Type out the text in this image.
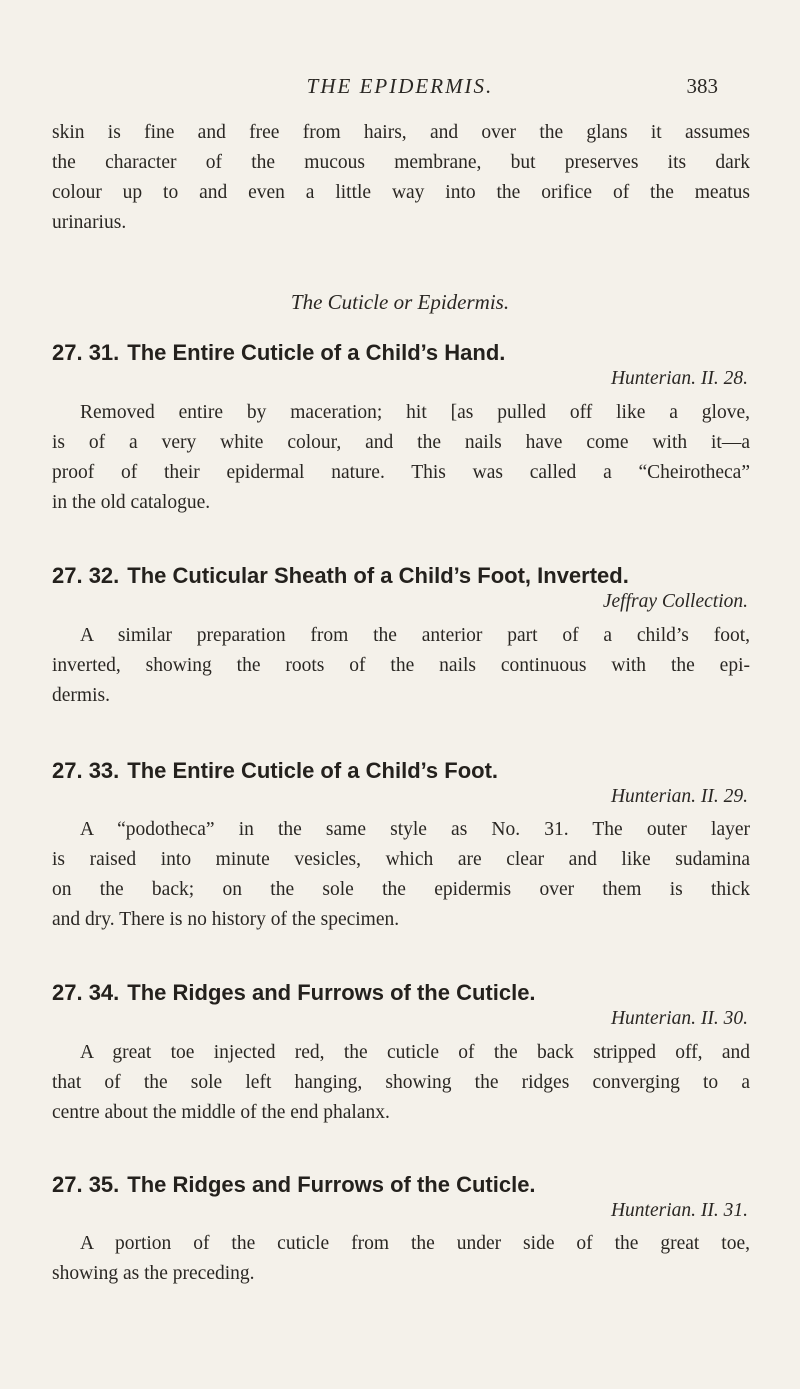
THE EPIDERMIS.	383
skin is fine and free from hairs, and over the glans it assumes
the character of the mucous membrane, but preserves its dark
colour up to and even a little way into the orifice of the meatus
urinarius.
The Cuticle or Epidermis.
27. 31. The Entire Cuticle of a Child’s Hand.
Hunterian. II. 28.
Removed entire by maceration; hit [as pulled off like a glove,
is of a very white colour, and the nails have come with it—a
proof of their epidermal nature. This was called a “Cheirotheca”
in the old catalogue.
27. 32. The Cuticular Sheath of a Child’s Foot, Inverted.
Jeffray Collection.
A similar preparation from the anterior part of a child’s foot,
inverted, showing the roots of the nails continuous with the epi-
dermis.
27. 33. The Entire Cuticle of a Child’s Foot.
Hunterian. II. 29.
A “podotheca” in the same style as No. 31. The outer layer
is raised into minute vesicles, which are clear and like sudamina
on the back; on the sole the epidermis over them is thick
and dry. There is no history of the specimen.
27. 34. The Ridges and Furrows of the Cuticle.
Hunterian. II. 30.
A great toe injected red, the cuticle of the back stripped off, and
that of the sole left hanging, showing the ridges converging to a
centre about the middle of the end phalanx.
27. 35. The Ridges and Furrows of the Cuticle.
Hunterian. II. 31.
A portion of the cuticle from the under side of the great toe,
showing as the preceding.
